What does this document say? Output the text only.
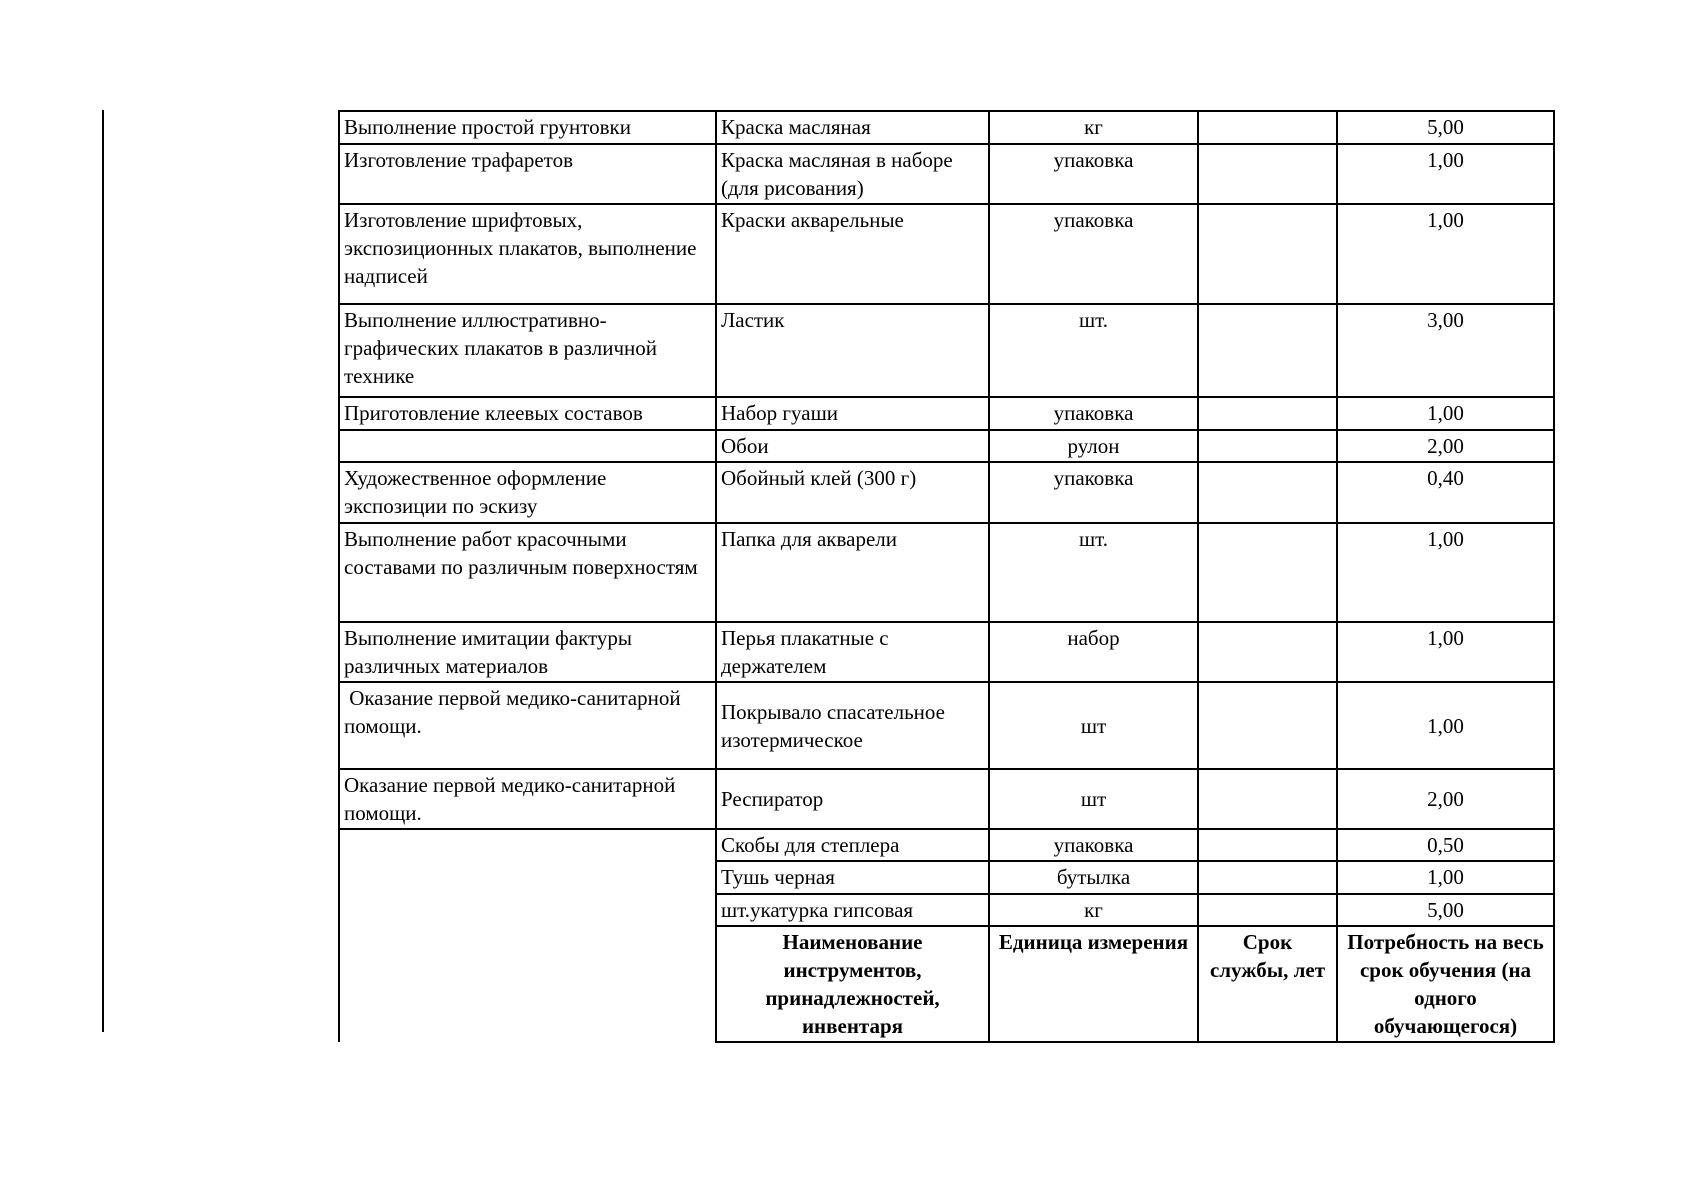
Выполнение простой грунтовки	Краска масляная	кг		5,00
Изготовление трафаретов	Краска масляная в наборе (для рисования)	упаковка		1,00
Изготовление шрифтовых, экспозиционных плакатов, выполнение надписей	Краски акварельные	упаковка		1,00
Выполнение иллюстративно-графических плакатов в различной технике	Ластик	шт.		3,00
Приготовление клеевых составов	Набор гуаши	упаковка		1,00
	Обои	рулон		2,00
Художественное оформление экспозиции по эскизу	Обойный клей (300 г)	упаковка		0,40
Выполнение работ красочными составами по различным поверхностям	Папка для акварели	шт.		1,00
Выполнение имитации фактуры различных материалов	Перья плакатные с держателем	набор		1,00
Оказание первой медико-санитарной помощи.	Покрывало спасательное изотермическое	шт		1,00
Оказание первой медико-санитарной помощи.	Респиратор	шт		2,00
	Скобы для степлера	упаковка		0,50
	Тушь черная	бутылка		1,00
	шт.укатурка гипсовая	кг		5,00
	Наименование инструментов, принадлежностей, инвентаря	Единица измерения	Срок службы, лет	Потребность на весь срок обучения (на одного обучающегося)
